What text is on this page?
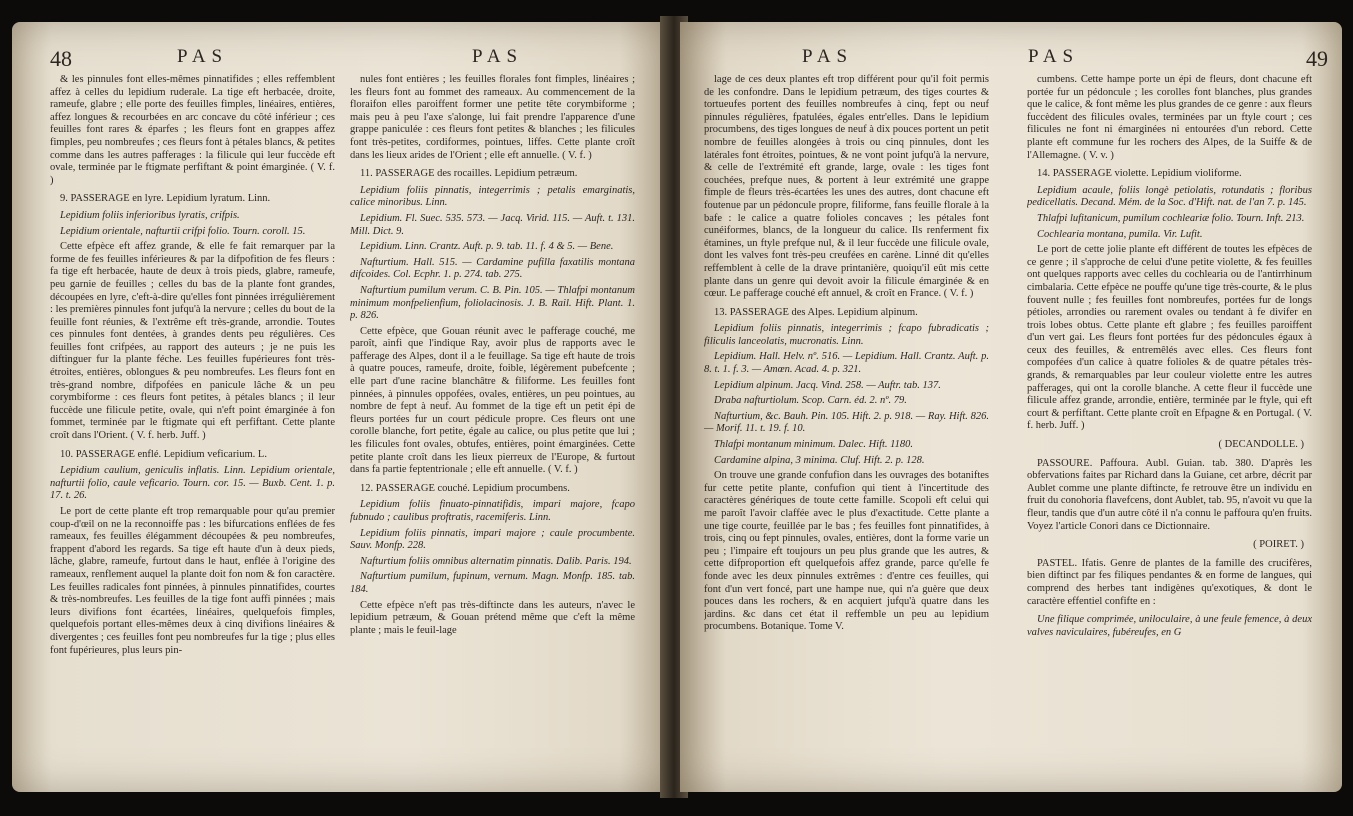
48	PAS	PAS

& les pinnules font elles-mêmes pinnatifides ; elles reffemblent affez à celles du lepidium ruderale. La tige eft herbacée, droite, rameufe, glabre ; elle porte des feuilles fimples, linéaires, entières, affez longues & recourbées en arc concave du côté inférieur ; ces feuilles font rares & éparfes ; les fleurs font en grappes affez fimples, peu nombreufes ; ces fleurs font à pétales blancs, & petites comme dans les autres pafferages : la filicule qui leur fuccède eft ovale, terminée par le ftigmate perfiftant & point émarginée. ( V. f. )

9. PASSERAGE en lyre. Lepidium lyratum. Linn.

Lepidium foliis inferioribus lyratis, crifpis.

Lepidium orientale, nafturtii crifpi folio. Tourn. coroll. 15.

Cette efpèce eft affez grande, & elle fe fait remarquer par la forme de fes feuilles inférieures & par la difpofition de fes fleurs : fa tige eft herbacée, haute de deux à trois pieds, glabre, rameufe, peu garnie de feuilles ; celles du bas de la plante font grandes, découpées en lyre, c'eft-à-dire qu'elles font pinnées irrégulièrement : les premières pinnules font jufqu'à la nervure ; celles du bout de la feuille font réunies, & l'extrême eft très-grande, arrondie. Toutes ces pinnules font dentées, à grandes dents peu régulières. Ces feuilles font crifpées, au rapport des auteurs ; je ne puis les diftinguer fur la plante féche. Les feuilles fupérieures font très-étroites, entières, oblongues & peu nombreufes. Les fleurs font en très-grand nombre, difpofées en panicule lâche & un peu corymbiforme : ces fleurs font petites, à pétales blancs ; il leur fuccède une filicule petite, ovale, qui n'eft point émarginée à fon fommet, terminée par le ftigmate qui eft perfiftant. Cette plante croît dans l'Orient. ( V. f. herb. Juff. )

10. PASSERAGE enflé. Lepidium veficarium. L.

Lepidium caulium, geniculis inflatis. Linn. Lepidium orientale, nafturtii folio, caule veficario. Tourn. cor. 15. — Buxb. Cent. 1. p. 17. t. 26.

Le port de cette plante eft trop remarquable pour qu'au premier coup-d'œil on ne la reconnoiffe pas : les bifurcations enflées de fes rameaux, fes feuilles élégamment découpées & peu nombreufes, frappent d'abord les regards. Sa tige eft haute d'un à deux pieds, lâche, glabre, rameufe, furtout dans le haut, enflée à l'origine des rameaux, renflement auquel la plante doit fon nom & fon caractère. Les feuilles radicales font pinnées, à pinnules pinnatifides, courtes & très-nombreufes. Les feuilles de la tige font auffi pinnées ; mais leurs divifions font écartées, linéaires, quelquefois fimples, quelquefois portant elles-mêmes deux à cinq divifions linéaires & divergentes ; ces feuilles font peu nombreufes fur la tige ; plus elles font fupérieures, plus leurs pin-

nules font entières ; les feuilles florales font fimples, linéaires ; les fleurs font au fommet des rameaux. Au commencement de la floraifon elles paroiffent former une petite tête corymbiforme ; mais peu à peu l'axe s'alonge, lui fait prendre l'apparence d'une grappe paniculée : ces fleurs font petites & blanches ; les filicules font très-petites, cordiformes, pointues, liffes. Cette plante croît dans les lieux arides de l'Orient ; elle eft annuelle. ( V. f. )

11. PASSERAGE des rocailles. Lepidium petræum.

Lepidium foliis pinnatis, integerrimis ; petalis emarginatis, calice minoribus. Linn.

Lepidium. Fl. Suec. 535. 573. — Jacq. Virid. 115. — Auft. t. 131. Mill. Dict. 9.

Lepidium. Linn. Crantz. Auft. p. 9. tab. 11. f. 4 & 5. — Bene.

Nafturtium. Hall. 515. — Cardamine pufilla faxatilis montana difcoides. Col. Ecphr. 1. p. 274. tab. 275.

Nafturtium pumilum verum. C. B. Pin. 105. — Thlafpi montanum minimum monfpelienfium, foliolacinosis. J. B. Rail. Hift. Plant. 1. p. 826.

Cette efpèce, que Gouan réunit avec le pafferage couché, me paroît, ainfi que l'indique Ray, avoir plus de rapports avec le pafferage des Alpes, dont il a le feuillage. Sa tige eft haute de trois à quatre pouces, rameufe, droite, foible, légèrement pubefcente ; elle part d'une racine blanchâtre & filiforme. Les feuilles font pinnées, à pinnules oppofées, ovales, entières, un peu pointues, au nombre de fept à neuf. Au fommet de la tige eft un petit épi de fleurs portées fur un court pédicule propre. Ces fleurs ont une corolle blanche, fort petite, égale au calice, ou plus petite que lui ; les filicules font ovales, obtufes, entières, point émarginées. Cette petite plante croît dans les lieux pierreux de l'Europe, & furtout dans fa partie feptentrionale ; elle eft annuelle. ( V. f. )

12. PASSERAGE couché. Lepidium procumbens.

Lepidium foliis finuato-pinnatifidis, impari majore, fcapo fubnudo ; caulibus proftratis, racemiferis. Linn.

Lepidium foliis pinnatis, impari majore ; caule procumbente. Sauv. Monfp. 228.

Nafturtium foliis omnibus alternatim pinnatis. Dalib. Paris. 194.

Nafturtium pumilum, fupinum, vernum. Magn. Monfp. 185. tab. 184.

Cette efpèce n'eft pas très-diftincte dans les auteurs, n'avec le lepidium petræum, & Gouan prétend même que c'eft la même plante ; mais le feuil-lage

PAS	PAS	49

lage de ces deux plantes eft trop différent pour qu'il foit permis de les confondre. Dans le lepidium petræum, des tiges courtes & tortueufes portent des feuilles nombreufes à cinq, fept ou neuf pinnules régulières, fpatulées, égales entr'elles. Dans le lepidium procumbens, des tiges longues de neuf à dix pouces portent un petit nombre de feuilles alongées à trois ou cinq pinnules, dont les latérales font étroites, pointues, & ne vont point jufqu'à la nervure, & celle de l'extrémité eft grande, large, ovale : les tiges font couchées, prefque nues, & portent à leur extrémité une grappe fimple de fleurs très-écartées les unes des autres, dont chacune eft foutenue par un pédoncule propre, filiforme, fans feuille florale à la bafe : le calice a quatre folioles concaves ; les pétales font cunéiformes, blancs, de la longueur du calice. Ils renferment fix étamines, un ftyle prefque nul, & il leur fuccède une filicule ovale, dont les valves font très-peu creufées en carène. Linné dit qu'elles reffemblent à celle de la drave printanière, quoiqu'il eût mis cette plante dans un genre qui devoit avoir la filicule émarginée & en cœur. Le pafferage couché eft annuel, & croît en France. ( V. f. )

13. PASSERAGE des Alpes. Lepidium alpinum.

Lepidium foliis pinnatis, integerrimis ; fcapo fubradicatis ; filiculis lanceolatis, mucronatis. Linn.

Lepidium. Hall. Helv. nº. 516. — Lepidium. Hall. Crantz. Auft. p. 8. t. 1. f. 3. — Amœn. Acad. 4. p. 321.

Lepidium alpinum. Jacq. Vind. 258. — Auftr. tab. 137.

Draba nafturtiolum. Scop. Carn. éd. 2. nº. 79.

Nafturtium, &c. Bauh. Pin. 105. Hift. 2. p. 918. — Ray. Hift. 826. — Morif. 11. t. 19. f. 10.

Thlafpi montanum minimum. Dalec. Hift. 1180.

Cardamine alpina, 3 minima. Cluf. Hift. 2. p. 128.

On trouve une grande confufion dans les ouvrages des botaniftes fur cette petite plante, confufion qui tient à l'incertitude des caractères génériques de toute cette famille. Scopoli eft celui qui me paroît l'avoir claffée avec le plus d'exactitude. Cette plante a une tige courte, feuillée par le bas ; fes feuilles font pinnatifides, à trois, cinq ou fept pinnules, ovales, entières, dont la forme varie un peu ; l'impaire eft toujours un peu plus grande que les autres, & cette difproportion eft quelquefois affez grande, parce qu'elle fe fonde avec les deux pinnules extrêmes : d'entre ces feuilles, qui font d'un vert foncé, part une hampe nue, qui n'a guère que deux pouces dans les rochers, & en acquiert jufqu'à quatre dans les jardins. &c dans cet état il reffemble un peu au lepidium procumbens. Botanique. Tome V.

cumbens. Cette hampe porte un épi de fleurs, dont chacune eft portée fur un pédoncule ; les corolles font blanches, plus grandes que le calice, & font même les plus grandes de ce genre : aux fleurs fuccèdent des filicules ovales, terminées par un ftyle court ; ces filicules ne font ni émarginées ni entourées d'un rebord. Cette plante eft commune fur les rochers des Alpes, de la Suiffe & de l'Allemagne. ( V. v. )

14. PASSERAGE violette. Lepidium violiforme.

Lepidium acaule, foliis longè petiolatis, rotundatis ; floribus pedicellatis. Decand. Mém. de la Soc. d'Hift. nat. de l'an 7. p. 145.

Thlafpi lufitanicum, pumilum cochleariæ folio. Tourn. Inft. 213.

Cochlearia montana, pumila. Vir. Lufit.

Le port de cette jolie plante eft différent de toutes les efpèces de ce genre ; il s'approche de celui d'une petite violette, & fes feuilles ont quelques rapports avec celles du cochlearia ou de l'antirrhinum cimbalaria. Cette efpèce ne pouffe qu'une tige très-courte, & le plus fouvent nulle ; fes feuilles font nombreufes, portées fur de longs pétioles, arrondies ou rarement ovales ou tendant à fe divifer en trois lobes obtus. Cette plante eft glabre ; fes feuilles paroiffent d'un vert gai. Les fleurs font portées fur des pédoncules égaux à ceux des feuilles, & entremêlés avec elles. Ces fleurs font compofées d'un calice à quatre folioles & de quatre pétales très-grands, & remarquables par leur couleur violette entre les autres pafferages, qui ont la corolle blanche. A cette fleur il fuccède une filicule affez grande, arrondie, entière, terminée par le ftyle, qui eft court & perfiftant. Cette plante croît en Efpagne & en Portugal. ( V. f. herb. Juff. )

( DECANDOLLE. )

PASSOURE. Paffoura. Aubl. Guian. tab. 380. D'après les obfervations faites par Richard dans la Guiane, cet arbre, décrit par Aublet comme une plante diftincte, fe retrouve être un individu en fruit du conohoria flavefcens, dont Aublet, tab. 95, n'avoit vu que la fleur, tandis que d'un autre côté il n'a connu le paffoura qu'en fruits. Voyez l'article Conori dans ce Dictionnaire.

( POIRET. )

PASTEL. Ifatis. Genre de plantes de la famille des crucifères, bien diftinct par fes filiques pendantes & en forme de langues, qui comprend des herbes tant indigènes qu'exotiques, & dont le caractère effentiel confifte en :

Une filique comprimée, uniloculaire, à une feule femence, à deux valves naviculaires, fubéreufes, en G
